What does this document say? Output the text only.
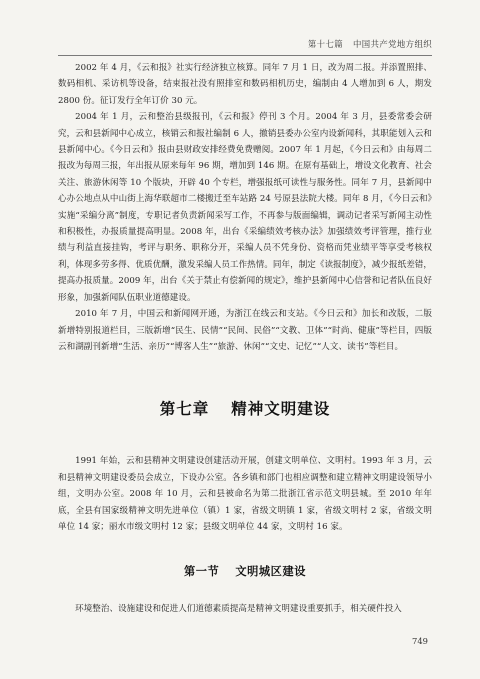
第十七篇 中国共产党地方组织

2002 年 4 月，《云和报》社实行经济独立核算。同年 7 月 1 日，改为周二报。并添置照排、数码相机、采访机等设备，结束报社没有照排室和数码相机历史，编制由 4 人增加到 6 人，期发 2800 份。征订发行全年订价 30 元。

2004 年 1 月，云和整治县级报刊，《云和报》停刊 3 个月。2004 年 3 月，县委常委会研究，云和县新闻中心成立，核销云和报社编制 6 人，撤销县委办公室内设新闻科，其职能划入云和县新闻中心。《今日云和》报由县财政安排经费免费赠阅。2007 年 1 月起，《今日云和》由每周二报改为每周三报，年出报从原来每年 96 期，增加到 146 期。在原有基础上，增设文化教育、社会关注、旅游休闲等 10 个版块，开辟 40 个专栏，增强报纸可读性与服务性。同年 7 月，县新闻中心办公地点从中山街上海华联超市二楼搬迁至车站路 24 号原县法院大楼。同年 8 月，《今日云和》实施“采编分离”制度，专职记者负责新闻采写工作，不再参与版面编辑，调动记者采写新闻主动性和积极性，办报质量提高明显。2008 年，出台《采编绩效考核办法》加强绩效考评管理，推行业绩与利益直接挂钩，考评与职务、职称分开，采编人员不凭身份、资格而凭业绩平等享受考核权利，体现多劳多得、优质优酬，激发采编人员工作热情。同年，制定《读报制度》，减少报纸差错，提高办报质量。2009 年，出台《关于禁止有偿新闻的规定》，维护县新闻中心信誉和记者队伍良好形象，加强新闻队伍职业道德建设。

2010 年 7 月，中国云和新闻网开通，为浙江在线云和支站。《今日云和》加长和改版，二版新增特别报道栏目，三版新增“民生、民情”“民间、民俗”“文教、卫体”“时尚、健康”等栏目，四版云和湖副刊新增“生活、亲历”“博客人生”“旅游、休闲”“文史、记忆”“人文、读书”等栏目。

第七章 精神文明建设

1991 年始，云和县精神文明建设创建活动开展，创建文明单位、文明村。1993 年 3 月，云和县精神文明建设委员会成立，下设办公室。各乡镇和部门也相应调整和建立精神文明建设领导小组，文明办公室。2008 年 10 月，云和县被命名为第二批浙江省示范文明县城。至 2010 年年底，全县有国家级精神文明先进单位（镇）1 家，省级文明镇 1 家，省级文明村 2 家，省级文明单位 14 家；丽水市级文明村 12 家；县级文明单位 44 家，文明村 16 家。

第一节 文明城区建设

环境整治、设施建设和促进人们道德素质提高是精神文明建设重要抓手，相关硬件投入

749
